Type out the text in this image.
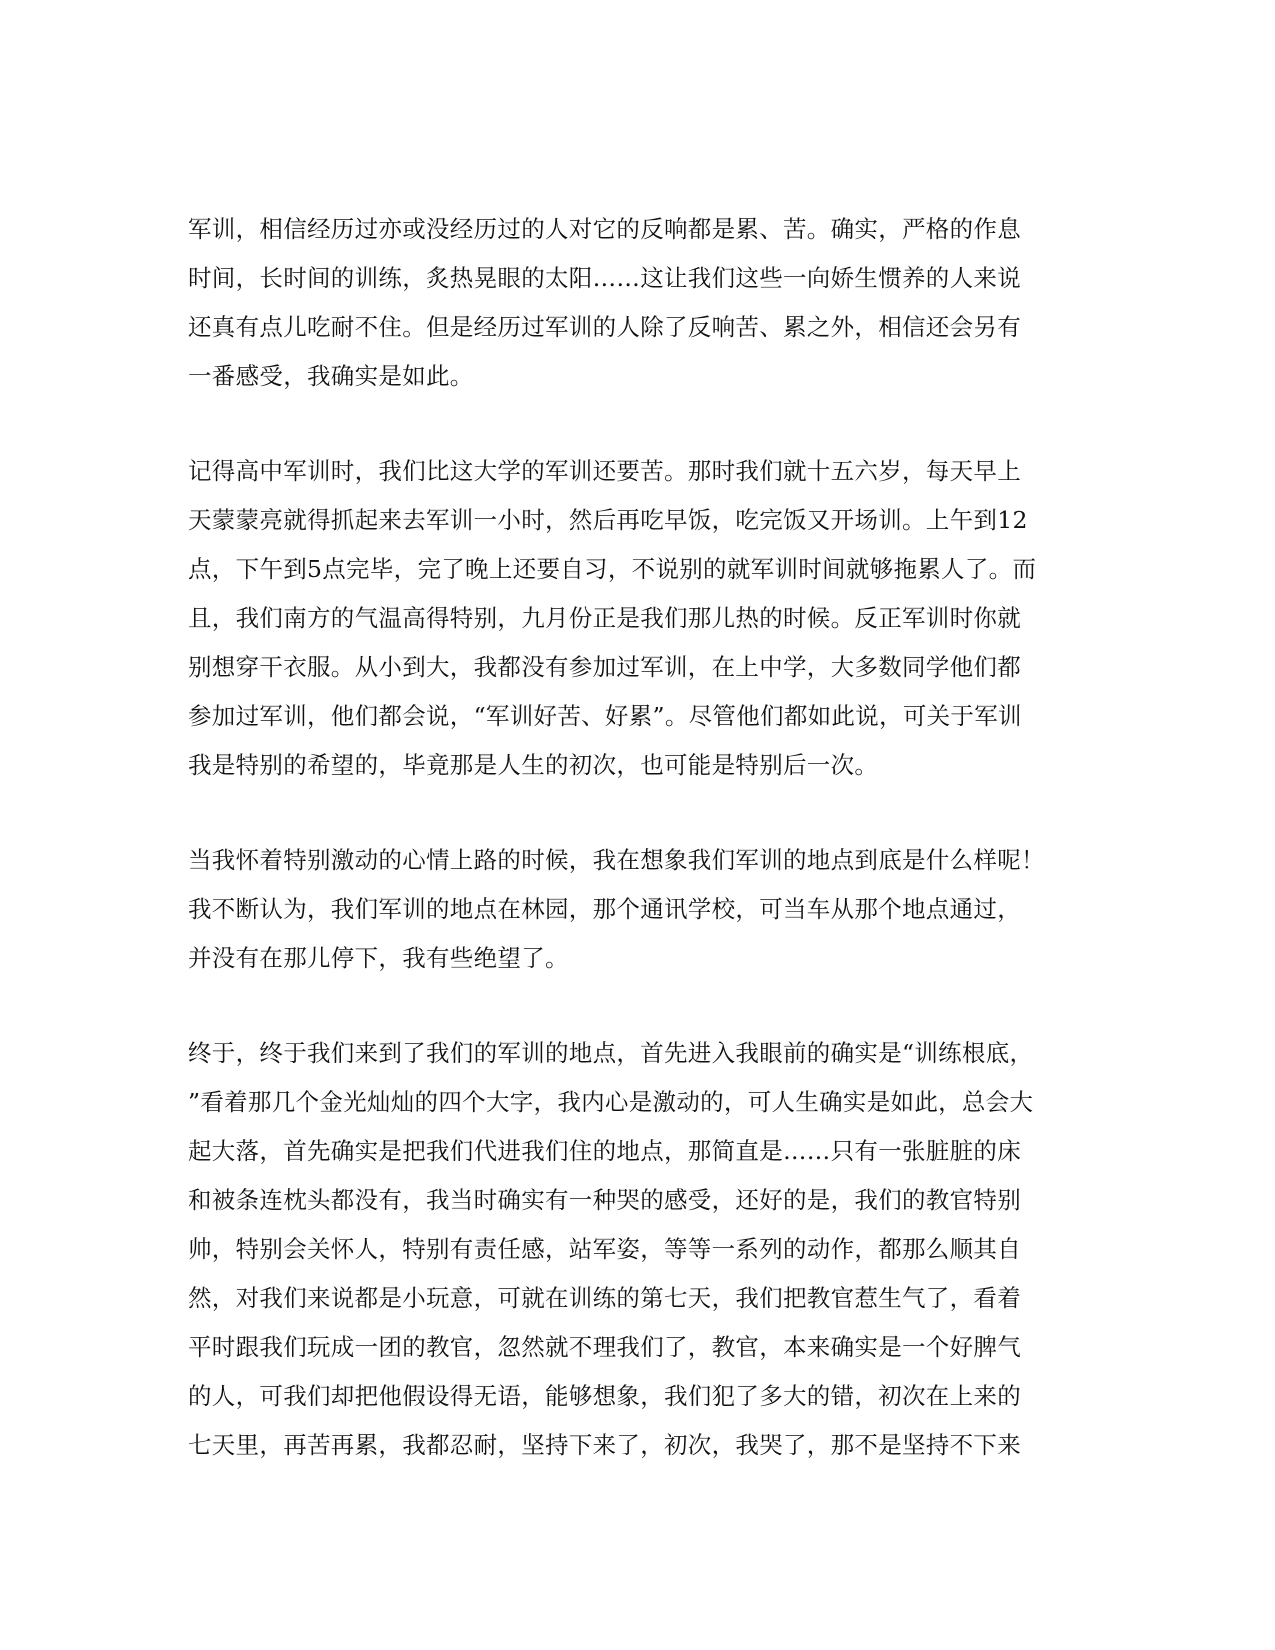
军训，相信经历过亦或没经历过的人对它的反响都是累、苦。确实，严格的作息
时间，长时间的训练，炙热晃眼的太阳……这让我们这些一向娇生惯养的人来说
还真有点儿吃耐不住。但是经历过军训的人除了反响苦、累之外，相信还会另有
一番感受，我确实是如此。
记得高中军训时，我们比这大学的军训还要苦。那时我们就十五六岁，每天早上
天蒙蒙亮就得抓起来去军训一小时，然后再吃早饭，吃完饭又开场训。上午到12
点，下午到5点完毕，完了晚上还要自习，不说别的就军训时间就够拖累人了。而
且，我们南方的气温高得特别，九月份正是我们那儿热的时候。反正军训时你就
别想穿干衣服。从小到大，我都没有参加过军训，在上中学，大多数同学他们都
参加过军训，他们都会说，“军训好苦、好累”。尽管他们都如此说，可关于军训
我是特别的希望的，毕竟那是人生的初次，也可能是特别后一次。
当我怀着特别激动的心情上路的时候，我在想象我们军训的地点到底是什么样呢！
我不断认为，我们军训的地点在林园，那个通讯学校，可当车从那个地点通过，
并没有在那儿停下，我有些绝望了。
终于，终于我们来到了我们的军训的地点，首先进入我眼前的确实是“训练根底，
”看着那几个金光灿灿的四个大字，我内心是激动的，可人生确实是如此，总会大
起大落，首先确实是把我们代进我们住的地点，那简直是……只有一张脏脏的床
和被条连枕头都没有，我当时确实有一种哭的感受，还好的是，我们的教官特别
帅，特别会关怀人，特别有责任感，站军姿，等等一系列的动作，都那么顺其自
然，对我们来说都是小玩意，可就在训练的第七天，我们把教官惹生气了，看着
平时跟我们玩成一团的教官，忽然就不理我们了，教官，本来确实是一个好脾气
的人，可我们却把他假设得无语，能够想象，我们犯了多大的错，初次在上来的
七天里，再苦再累，我都忍耐，坚持下来了，初次，我哭了，那不是坚持不下来
